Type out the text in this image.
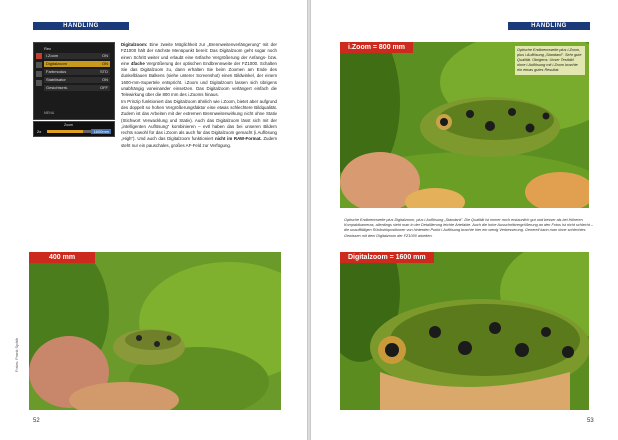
HANDLING
Rec
i.Zoom	ON
Digitalzoom	ON
Farbmodus	STD
Stabilisator	ON
Gesichtserk.	OFF
MENU
Zoom
2x	1600mm
Digitalzoom: Eine zweite Möglichkeit zur „Brennweitenverlängerung" mit der FZ1000 hält der nächste Menüpunkt bereit: Das Digitalzoom geht sogar noch einen Schritt weiter und erlaubt eine 64fache Vergrößerung der Anfangs- bzw. eine 4fache Vergrößerung der optischen Endbrennweite der FZ1000. Schalten Sie das Digitalzoom zu, dann erhalten Sie beim Zoomen am Ende des dunkelblauen Balkens (siehe unterer Screenshot) einen Bildwinkel, der einem 1600-mm-Supertele entspricht. i.Zoom und Digitalzoom lassen sich übrigens unabhängig voneinander einsetzen. Das Digitalzoom verlängert einfach die Telewirkung über die 800 mm des i.Zooms hinaus.
Im Prinzip funktioniert das Digitalzoom ähnlich wie i.Zoom, bietet aber aufgrund des doppelt so hohen Vergrößerungsfaktor eine etwas schlechtere Bildqualität. Zudem ist das Arbeiten mit der extremen Brennweitenwirkung nicht ohne Stativ (Stichwort Verwacklung und Stativ). Auch das Digitalzoom lässt sich mit der „intelligenten Auflösung" kombinieren – evtl haben das bei unseren Bildern rechts sowohl für das i.Zoom als auch für das Digitalzoom gemacht (i.Auflösung „High"). Und auch das Digitalzoom funktioniert nicht im RAW-Format. Zudem steht nur ein pauschales, großes AF-Feld zur Verfügung.
400 mm
Fotos: Frank Späth
52
HANDLING
i.Zoom = 800 mm	Optische Endbrennweite plus i.Zoom, plus i.Auflösung „Standard". Sehr gute Qualität. Übrigens: Unser Testbild ohne i.Auflösung mit i.Zoom brachte ein etwas gutes Resultat.
Optische Endbrennweite plus Digitalzoom, plus i.Auflösung „Standard". Die Qualität ist immer noch erstaunlich gut und besser als bei früheren Kompaktkameras, allerdings sieht man in der Detaillierung leichte Artefakte. Auch die hohe Ausschnittvergrößerung an den Fotos ist nicht schlecht – die unauffälligen Rückwirkpositionen von hinterden Punkt i.Auflösung brachte hier ein wenig Verbesserung. Generell kann man ohne schlechtes Gewissen mit dem Digitalzoom der FZ1000 arbeiten.
Digitalzoom = 1600 mm
53
